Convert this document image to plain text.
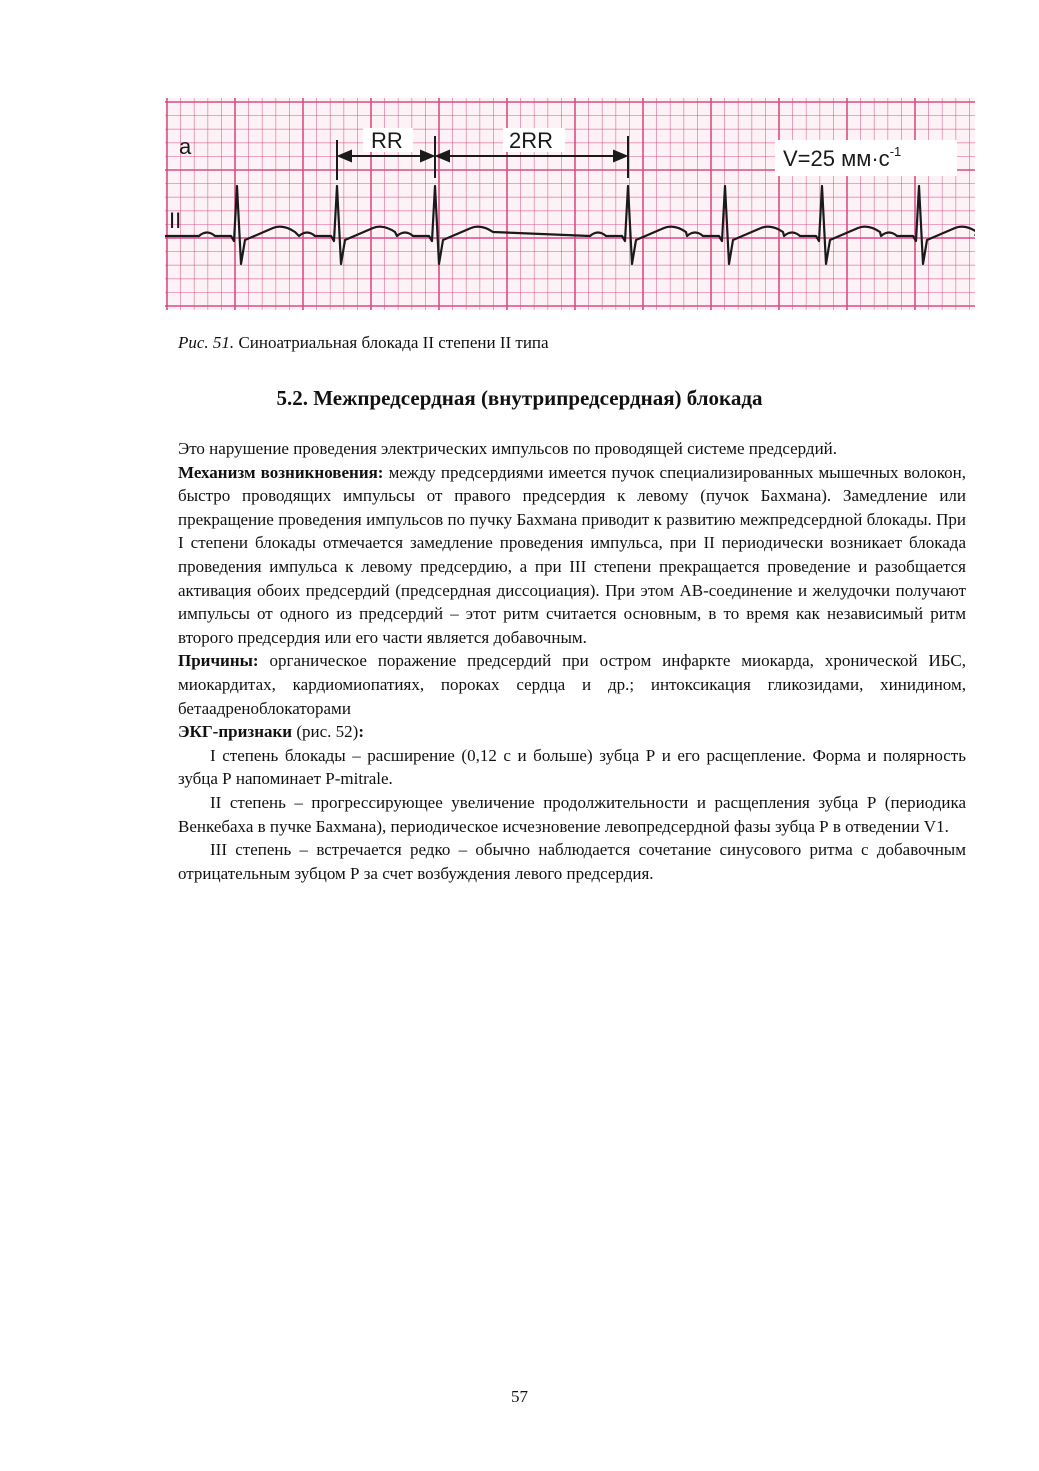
RR	2RR
V=25 $мм\cdot c^{-1}$
a
II
Рис. 51. Синоатриальная блокада II степени II типа
5.2. Межпредсердная (внутрипредсердная) блокада

Это нарушение проведения электрических импульсов по проводящей системе предсердий.

Механизм возникновения: между предсердиями имеется пучок специализированных мышечных волокон, быстро проводящих импульсы от правого предсердия к левому (пучок Бахмана). Замедление или прекращение проведения импульсов по пучку Бахмана приводит к развитию межпредсердной блокады. При I степени блокады отмечается замедление проведения импульса, при II периодически возникает блокада проведения импульса к левому предсердию, а при III степени прекращается проведение и разобщается активация обоих предсердий (предсердная диссоциация). При этом АВ-соединение и желудочки получают импульсы от одного из предсердий – этот ритм считается основным, в то время как независимый ритм второго предсердия или его части является добавочным.

Причины: органическое поражение предсердий при остром инфаркте миокарда, хронической ИБС, миокардитах, кардиомиопатиях, пороках сердца и др.; интоксикация гликозидами, хинидином, бетаадреноблокаторами

ЭКГ-признаки (рис. 52):

I степень блокады – расширение (0,12 с и больше) зубца Р и его расщепление. Форма и полярность зубца Р напоминает P-mitrale.

II степень – прогрессирующее увеличение продолжительности и расщепления зубца Р (периодика Венкебаха в пучке Бахмана), периодическое исчезновение левопредсердной фазы зубца Р в отведении V1.

III степень – встречается редко – обычно наблюдается сочетание синусового ритма с добавочным отрицательным зубцом Р за счет возбуждения левого предсердия.

57
